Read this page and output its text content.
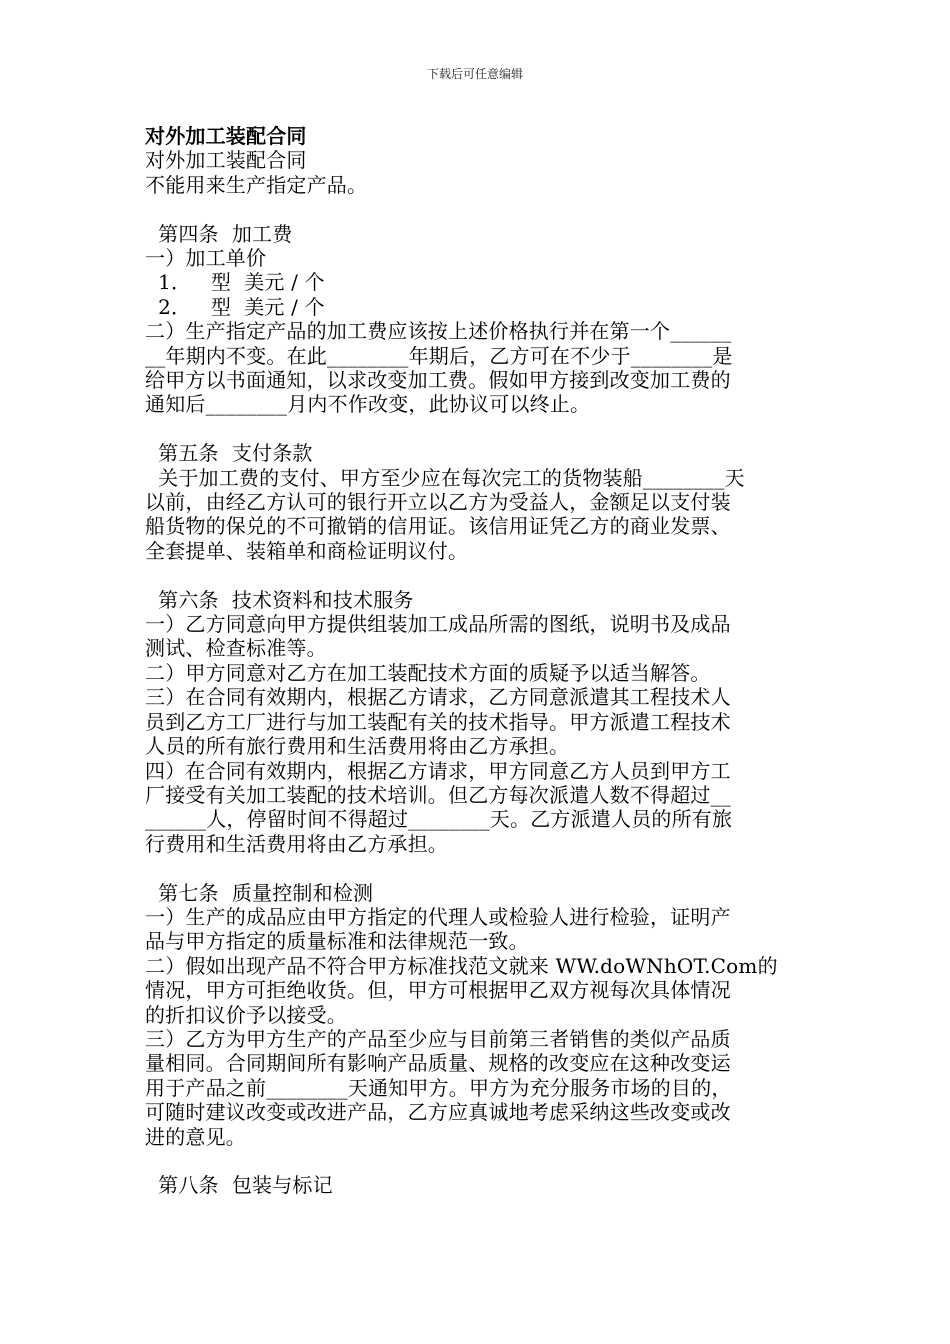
下载后可任意编辑
对外加工装配合同
对外加工装配合同
不能用来生产指定产品。
第四条  加工费
一）加工单价
1．   型  美元 / 个
2．   型  美元 / 个
二）生产指定产品的加工费应该按上述价格执行并在第一个______
__年期内不变。在此________年期后，乙方可在不少于________是
给甲方以书面通知，以求改变加工费。假如甲方接到改变加工费的
通知后________月内不作改变，此协议可以终止。
第五条  支付条款
关于加工费的支付、甲方至少应在每次完工的货物装船________天
以前，由经乙方认可的银行开立以乙方为受益人，金额足以支付装
船货物的保兑的不可撤销的信用证。该信用证凭乙方的商业发票、
全套提单、装箱单和商检证明议付。
第六条  技术资料和技术服务
一）乙方同意向甲方提供组装加工成品所需的图纸，说明书及成品
测试、检查标准等。
二）甲方同意对乙方在加工装配技术方面的质疑予以适当解答。
三）在合同有效期内，根据乙方请求，乙方同意派遣其工程技术人
员到乙方工厂进行与加工装配有关的技术指导。甲方派遣工程技术
人员的所有旅行费用和生活费用将由乙方承担。
四）在合同有效期内，根据乙方请求，甲方同意乙方人员到甲方工
厂接受有关加工装配的技术培训。但乙方每次派遣人数不得超过__
______人，停留时间不得超过________天。乙方派遣人员的所有旅
行费用和生活费用将由乙方承担。
第七条  质量控制和检测
一）生产的成品应由甲方指定的代理人或检验人进行检验，证明产
品与甲方指定的质量标准和法律规范一致。
二）假如出现产品不符合甲方标准找范文就来 WW.doWNhOT.Com的
情况，甲方可拒绝收货。但，甲方可根据甲乙双方视每次具体情况
的折扣议价予以接受。
三）乙方为甲方生产的产品至少应与目前第三者销售的类似产品质
量相同。合同期间所有影响产品质量、规格的改变应在这种改变运
用于产品之前________天通知甲方。甲方为充分服务市场的目的，
可随时建议改变或改进产品，乙方应真诚地考虑采纳这些改变或改
进的意见。
第八条  包装与标记
